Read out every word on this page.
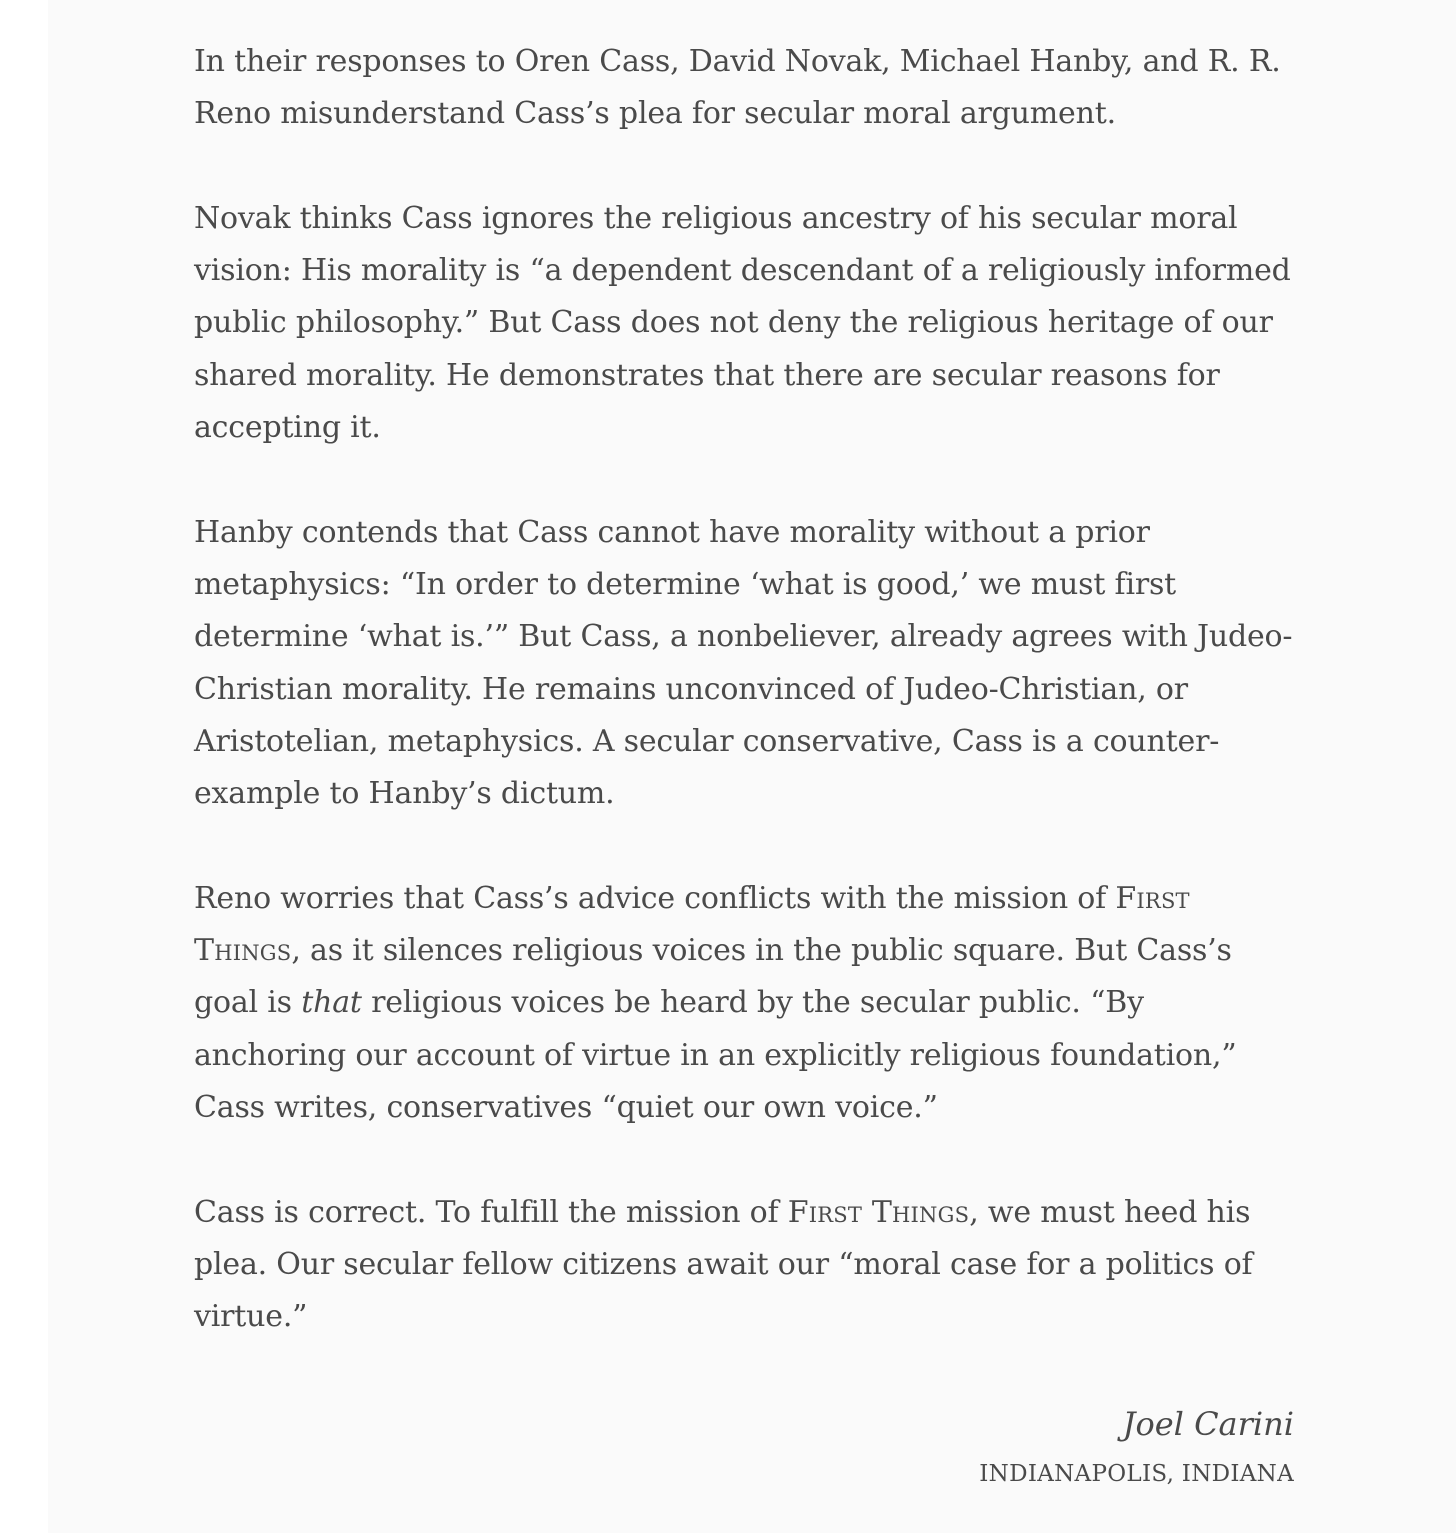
In their responses to Oren Cass, David Novak, Michael Hanby, and R. R. Reno misunderstand Cass’s plea for secular moral argument.

Novak thinks Cass ignores the religious ancestry of his secular moral vision: His morality is “a dependent descendant of a religiously informed public philosophy.” But Cass does not deny the religious heritage of our shared morality. He demonstrates that there are secular reasons for accepting it.

Hanby contends that Cass cannot have morality without a prior metaphysics: “In order to determine ‘what is good,’ we must first determine ‘what is.’” But Cass, a nonbeliever, already agrees with Judeo-Christian morality. He remains unconvinced of Judeo-Christian, or Aristotelian, metaphysics. A secular conservative, Cass is a counter-example to Hanby’s dictum.

Reno worries that Cass’s advice conflicts with the mission of First Things, as it silences religious voices in the public square. But Cass’s goal is that religious voices be heard by the secular public. “By anchoring our account of virtue in an explicitly religious foundation,” Cass writes, conservatives “quiet our own voice.”

Cass is correct. To fulfill the mission of First Things, we must heed his plea. Our secular fellow citizens await our “moral case for a politics of virtue.”

Joel Carini
INDIANAPOLIS, INDIANA
